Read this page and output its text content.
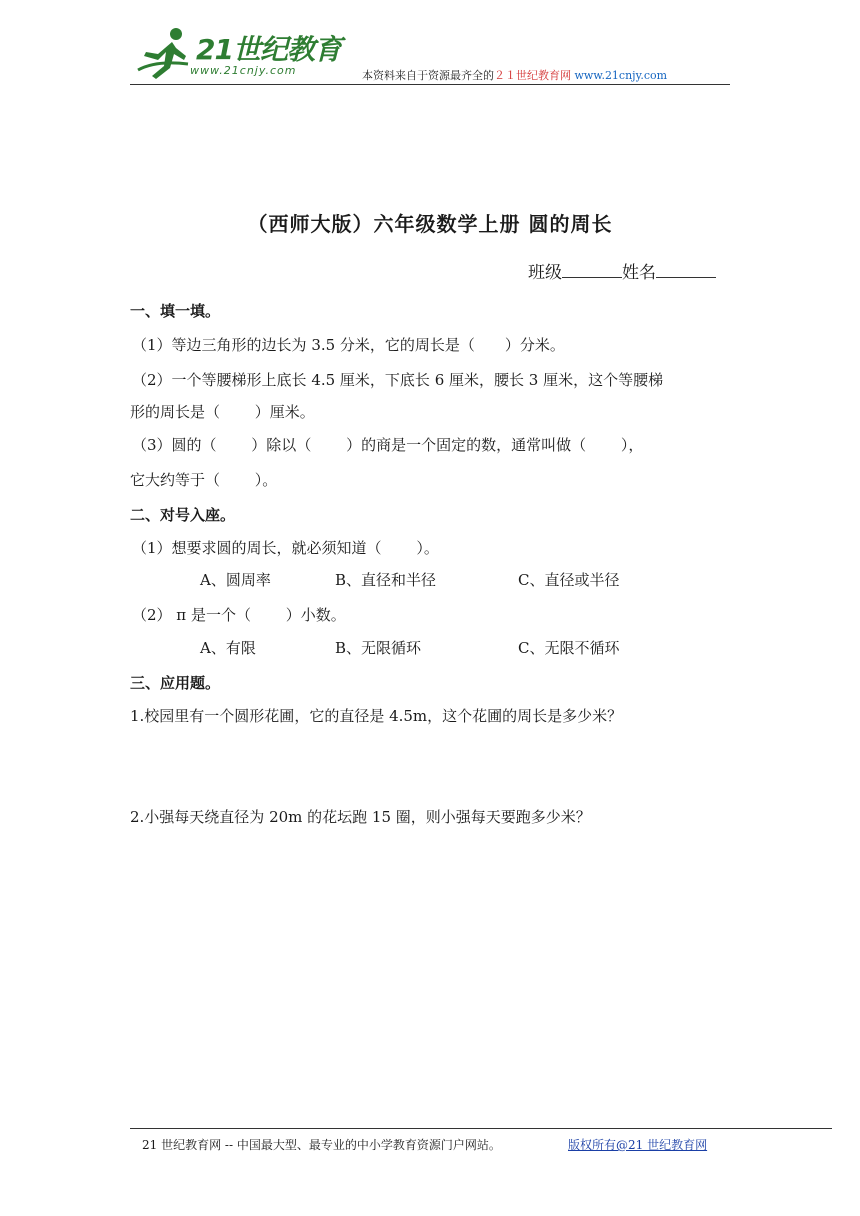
21世纪教育
www.21cnjy.com	本资料来自于资源最齐全的２１世纪教育网 www.21cnjy.com
（西师大版）六年级数学上册 圆的周长
班级	姓名
一、填一填。
（1）等边三角形的边长为 3.5 分米，它的周长是（　　）分米。
（2）一个等腰梯形上底长 4.5 厘米，下底长 6 厘米，腰长 3 厘米，这个等腰梯
形的周长是（　　 ）厘米。
（3）圆的（　　 ）除以（　　 ）的商是一个固定的数，通常叫做（　　 ），
它大约等于（　　 ）。
二、对号入座。
（1）想要求圆的周长，就必须知道（　　 ）。
A、圆周率	B、直径和半径	C、直径或半径
（2） π 是一个（　　 ）小数。
A、有限	B、无限循环	C、无限不循环
三、应用题。
1.校园里有一个圆形花圃，它的直径是 4.5m，这个花圃的周长是多少米？
2.小强每天绕直径为 20m 的花坛跑 15 圈，则小强每天要跑多少米？
21 世纪教育网 -- 中国最大型、最专业的中小学教育资源门户网站。	版权所有@21 世纪教育网
